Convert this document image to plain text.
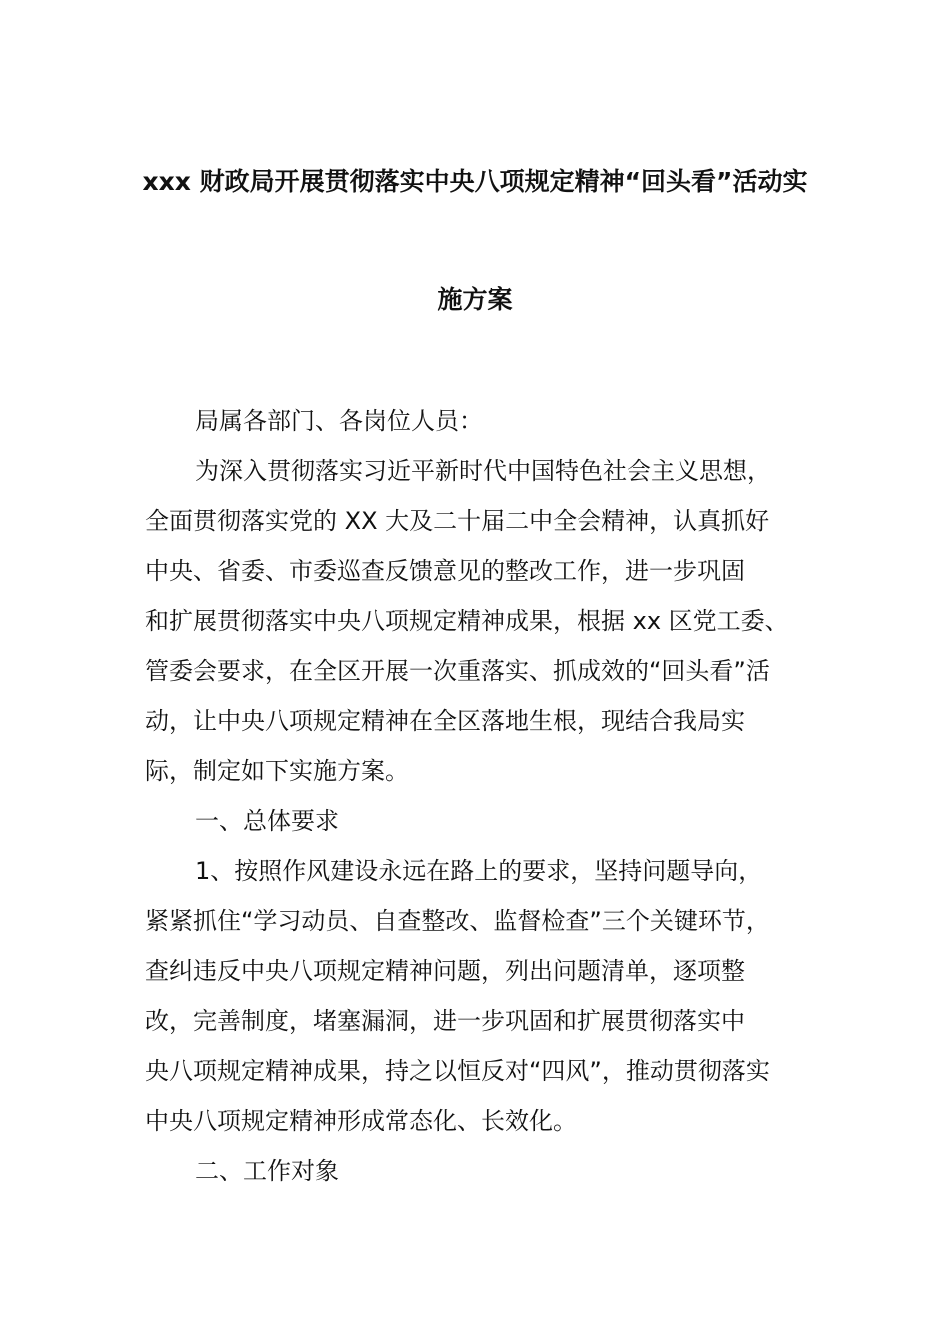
xxx 财政局开展贯彻落实中央八项规定精神“回头看”活动实
施方案
局属各部门、各岗位人员：
为深入贯彻落实习近平新时代中国特色社会主义思想，
全面贯彻落实党的 XX 大及二十届二中全会精神，认真抓好
中央、省委、市委巡查反馈意见的整改工作，进一步巩固
和扩展贯彻落实中央八项规定精神成果，根据 xx 区党工委、
管委会要求，在全区开展一次重落实、抓成效的“回头看”活
动，让中央八项规定精神在全区落地生根，现结合我局实
际，制定如下实施方案。
一、总体要求
1、按照作风建设永远在路上的要求，坚持问题导向，
紧紧抓住“学习动员、自查整改、监督检查”三个关键环节，
查纠违反中央八项规定精神问题，列出问题清单，逐项整
改，完善制度，堵塞漏洞，进一步巩固和扩展贯彻落实中
央八项规定精神成果，持之以恒反对“四风”，推动贯彻落实
中央八项规定精神形成常态化、长效化。
二、工作对象
